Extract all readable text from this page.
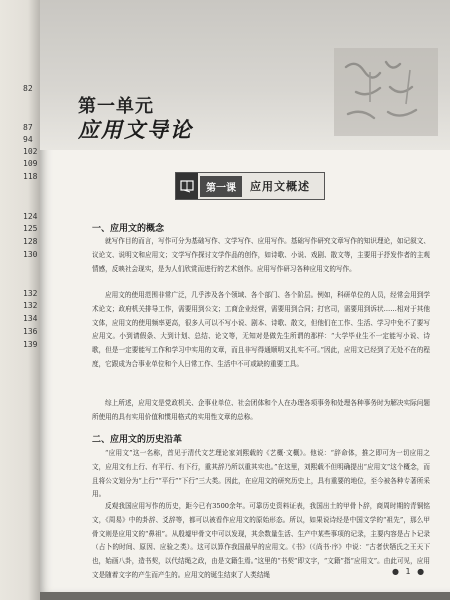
82
87
94
102
109
118
124
125
128
130
132
132
134
136
139
第一单元
应用文导论
第一课	应用文概述
一、应用文的概念

就写作目的而言，写作可分为基础写作、文学写作、应用写作。基础写作研究文章写作的知识理论，如记叙文、议论文、说明文和应用文；文学写作探讨文学作品的创作，如诗歌、小说、戏剧、散文等，主要用于抒发作者的主观情感，反映社会现实，是为人们欣赏而进行的艺术创作。应用写作研习各种应用文的写作。

应用文的使用范围非常广泛，几乎涉及各个领域、各个部门、各个阶层。例如，科研单位的人员，经常会用到学术论文；政府机关排导工作，需要用到公文；工商企业经营，需要用到合同；打官司，需要用到诉状……相对于其他文体，应用文的使用频率更高，很多人可以不写小说、剧本、诗歌、散文，但他们在工作、生活、学习中免不了要写应用文。小到请假条、大到计划、总结、论文等，无知对是做先生所谓的那样：“大学毕业生不一定能写小说、诗歌，但是一定要能写工作和学习中实用的文章，而且非写得通顺明又扎实不可。”因此，应用文已经到了无处不在的程度，它跟成为合事业单位和个人日常工作、生活中不可或缺的重要工具。

综上所述，应用文是党政机关、企事业单位、社会团体和个人在办理各项事务和处理各种事务时为解决实际问题所使用的具有实用价值和惯用格式的实用性文章的总称。

二、应用文的历史沿革

“应用文”这一名称，首见于清代文艺理论家刘熙载的《艺概·文概》。他说：“辞命体，推之即可为一切应用之文，应用文有上行、有平行、有下行，重其辞乃所以重其实也。”在这里，刘熙载不但明确提出“应用文”这个概念，而且将公文划分为“上行”“平行”“下行”三大类。因此，在应用文的研究历史上，具有重要的地位，至今被各种专著所采用。

反观我国应用写作的历史，距今已有3500余年。可靠历史资料证表，我国出土的甲骨卜辞，商周时期的青铜铭文，《周易》中的卦辞、爻辞等，都可以被看作应用文的原始形态。所以，如果说诗经是中国文学的“祖先”，那么甲骨文则是应用文的“鼻祖”。从殷墟甲骨文中可以发现，其余数量生活、生产中某些事项的记录，主要内容是占卜记录（占卜的时间、原因、应验之类）。这可以算作我国最早的应用文。《书》（《尚书·序》中说：“古者伏牺氏之王天下也，始画八卦，造书契，以代结绳之政，由是文籍生焉。”这里的“书契”即文字，“文籍”指“应用文”。由此可见，应用文是随着文字的产生而产生的。应用文的诞生结束了人类结绳	● 1 ●
